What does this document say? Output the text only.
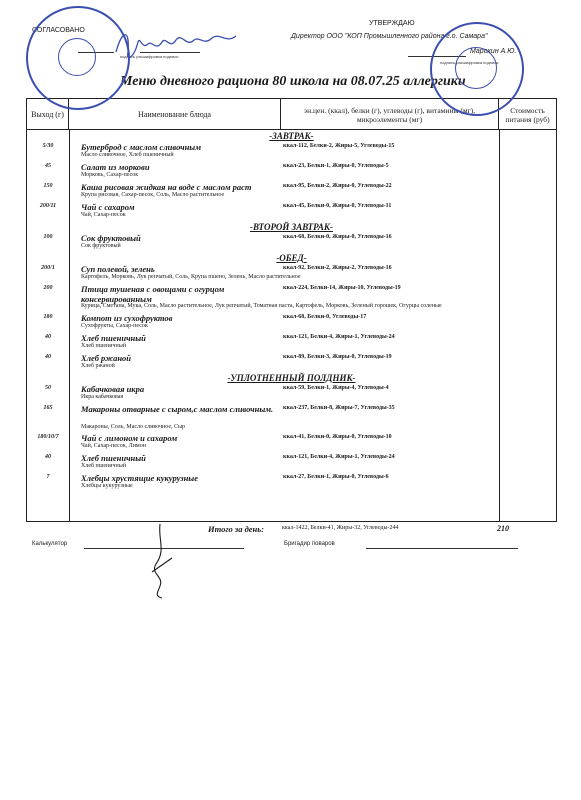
СОГЛАСОВАНО
подпись расшифровка подписи
УТВЕРЖДАЮ
Директор ООО "КОП Промышленного района г.о. Самара"
Марохин А.Ю.
подпись расшифровка подписи
Меню дневного рациона 80 школа на 08.07.25 аллергики
Выход (г)	Наименование блюда	эн.цен. (ккал), белки (г), углеводы (г), витамины (мг), микроэлементы (мг)
Стоимость питания (руб)
-ЗАВТРАК-
5/30	Бутерброд с маслом сливочным
Масло сливочное, Хлеб пшеничный
ккал-112, Белки-2, Жиры-5, Углеводы-15
45	Салат из моркови
Морковь, Сахар-песок
ккал-23, Белки-1, Жиры-0, Углеводы-5
150	Каша рисовая жидкая на воде с маслом раст
Крупа рисовая, Сахар-песок, Соль, Масло растительное
ккал-95, Белки-2, Жиры-0, Углеводы-22
200/11	Чай с сахаром
Чай, Сахар-песок
ккал-45, Белки-0, Жиры-0, Углеводы-11
-ВТОРОЙ ЗАВТРАК-
100	Сок фруктовый
Сок фруктовый
ккал-68, Белки-0, Жиры-0, Углеводы-16
-ОБЕД-
200/1	Суп полевой, зелень
Картофель, Морковь, Лук репчатый, Соль, Крупа пшено, Зелень, Масло растительное
ккал-92, Белки-2, Жиры-2, Углеводы-16
200	Птица тушеная с овощами с огурцом консервированным
Курица, Сметана, Мука, Соль, Масло растительное, Лук репчатый, Томатная паста, Картофель, Морковь, Зеленый горошек, Огурцы соленые
ккал-224, Белки-14, Жиры-10, Углеводы-19
180	Компот из сухофруктов
Сухофрукты, Сахар-песок
ккал-68, Белки-0, Углеводы-17
40	Хлеб пшеничный
Хлеб пшеничный
ккал-121, Белки-4, Жиры-1, Углеводы-24
40	Хлеб ржаной
Хлеб ржаной
ккал-89, Белки-3, Жиры-0, Углеводы-19
-УПЛОТНЕННЫЙ ПОЛДНИК-
50	Кабачковая икра
Икра кабачковая
ккал-59, Белки-1, Жиры-4, Углеводы-4
165	Макароны отварные с сыром,с маслом сливочным.
Макароны, Соль, Масло сливочное, Сыр
ккал-237, Белки-8, Жиры-7, Углеводы-35
180/10/7	Чай с лимоном и сахаром
Чай, Сахар-песок, Лимон
ккал-41, Белки-0, Жиры-0, Углеводы-10
40	Хлеб пшеничный
Хлеб пшеничный
ккал-121, Белки-4, Жиры-1, Углеводы-24
7	Хлебцы хрустящие кукурузные
Хлебцы кукурузные
ккал-27, Белки-1, Жиры-0, Углеводы-6
Итого за день:	ккал-1422, Белки-41, Жиры-32, Углеводы-244	210
Калькулятор	Бригадир поваров
